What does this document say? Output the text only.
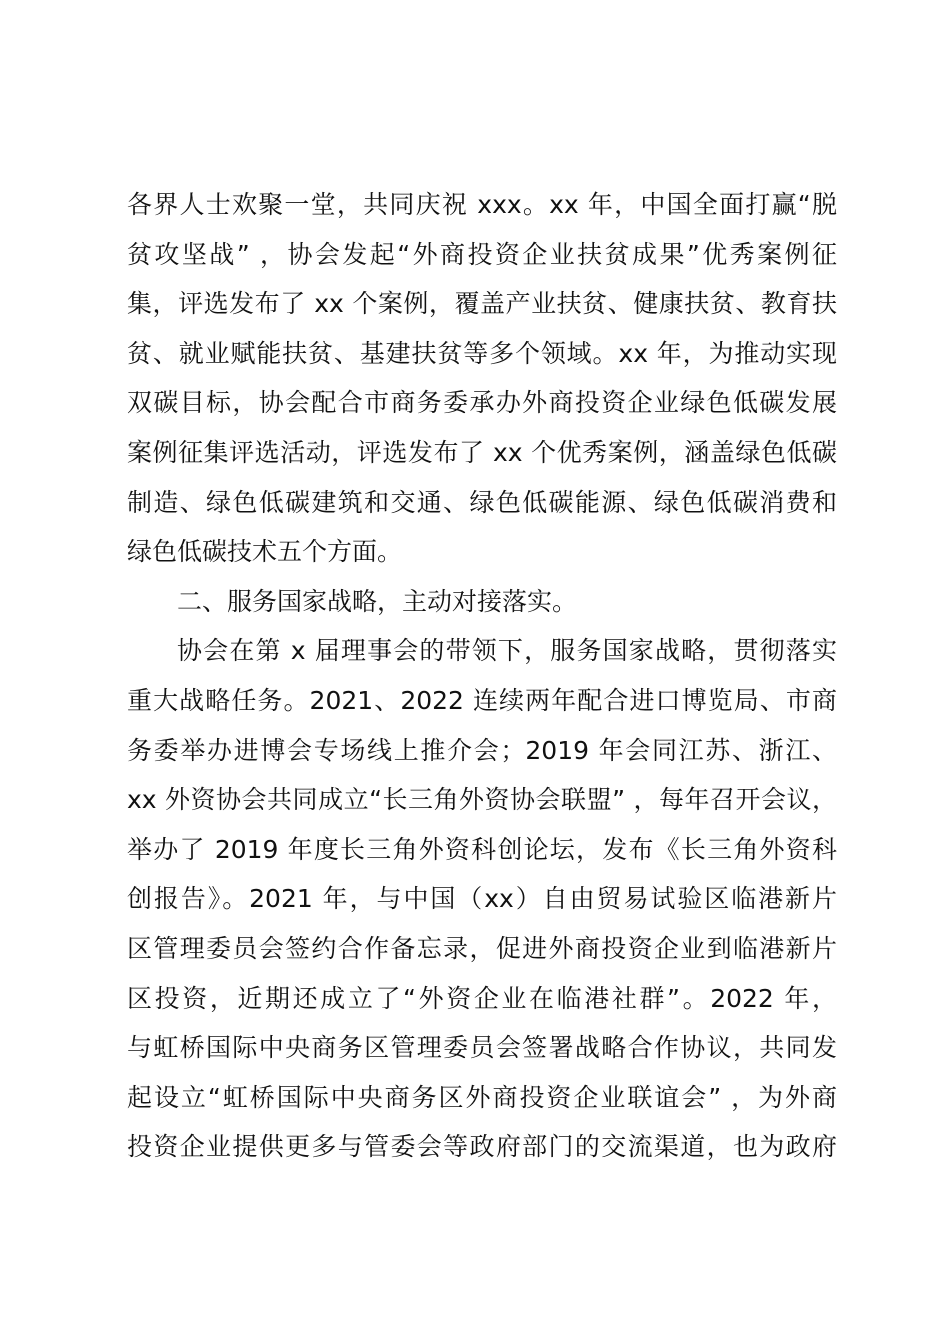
各界人士欢聚一堂，共同庆祝 xxx。xx 年，中国全面打赢“脱
贫攻坚战” ，协会发起“外商投资企业扶贫成果”优秀案例征
集，评选发布了 xx 个案例，覆盖产业扶贫、健康扶贫、教育扶
贫、就业赋能扶贫、基建扶贫等多个领域。xx 年，为推动实现
双碳目标，协会配合市商务委承办外商投资企业绿色低碳发展
案例征集评选活动，评选发布了 xx 个优秀案例，涵盖绿色低碳
制造、绿色低碳建筑和交通、绿色低碳能源、绿色低碳消费和
绿色低碳技术五个方面。
二、服务国家战略，主动对接落实。
协会在第 x 届理事会的带领下，服务国家战略，贯彻落实
重大战略任务。2021、2022 连续两年配合进口博览局、市商
务委举办进博会专场线上推介会；2019 年会同江苏、浙江、
xx 外资协会共同成立“长三角外资协会联盟” ，每年召开会议，
举办了 2019 年度长三角外资科创论坛，发布《长三角外资科
创报告》。2021 年，与中国（xx）自由贸易试验区临港新片
区管理委员会签约合作备忘录，促进外商投资企业到临港新片
区投资，近期还成立了“外资企业在临港社群”。2022 年，
与虹桥国际中央商务区管理委员会签署战略合作协议，共同发
起设立“虹桥国际中央商务区外商投资企业联谊会” ，为外商
投资企业提供更多与管委会等政府部门的交流渠道，也为政府
